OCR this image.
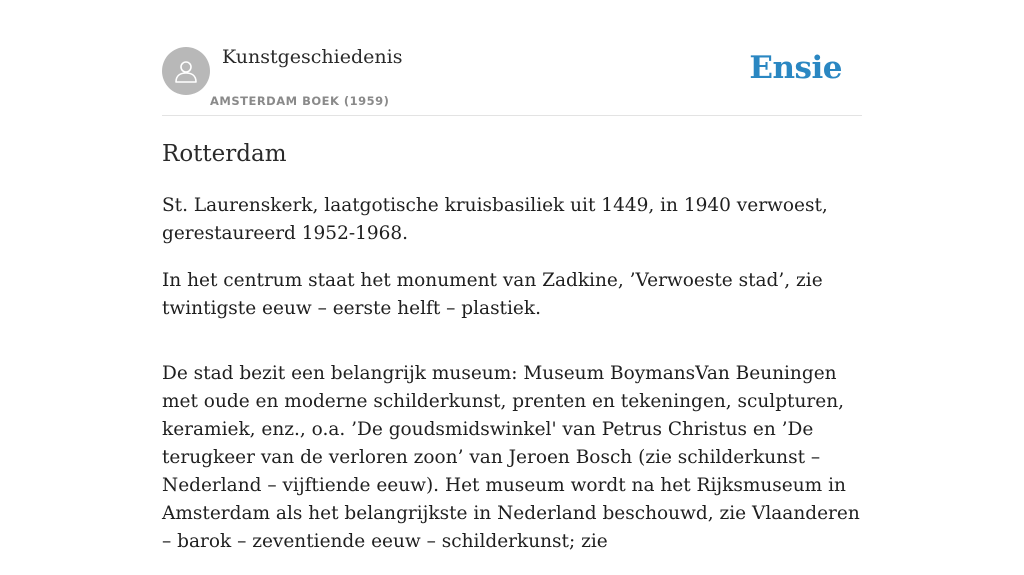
Kunstgeschiedenis
AMSTERDAM BOEK (1959)
Ensie
Rotterdam

St. Laurenskerk, laatgotische kruisbasiliek uit 1449, in 1940 verwoest, gerestaureerd 1952-1968.

In het centrum staat het monument van Zadkine, ’Verwoeste stad’, zie twintigste eeuw – eerste helft – plastiek.

De stad bezit een belangrijk museum: Museum BoymansVan Beuningen met oude en moderne schilderkunst, prenten en tekeningen, sculpturen, keramiek, enz., o.a. ’De goudsmidswinkel' van Petrus Christus en ’De terugkeer van de verloren zoon’ van Jeroen Bosch (zie schilderkunst – Nederland – vijftiende eeuw). Het museum wordt na het Rijksmuseum in Amsterdam als het belangrijkste in Nederland beschouwd, zie Vlaanderen – barok – zeventiende eeuw – schilderkunst; zie
